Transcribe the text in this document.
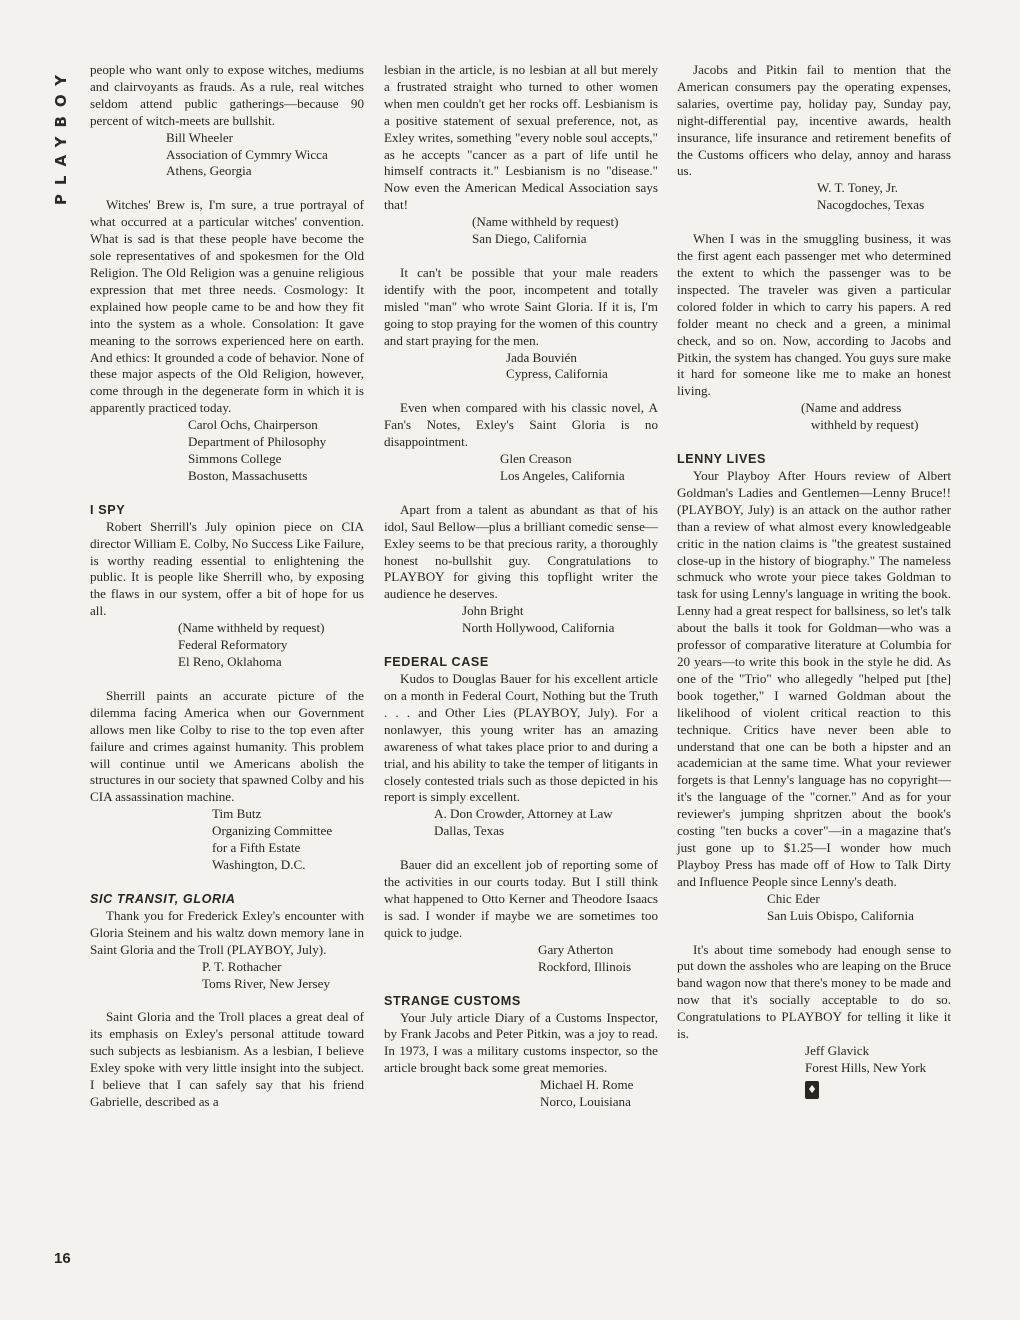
PLAYBOY	people who want only to expose witches, mediums and clairvoyants as frauds. As a rule, real witches seldom attend public gatherings—because 90 percent of witch-meets are bullshit.

Bill Wheeler
Association of Cymmry Wicca
Athens, Georgia

Witches' Brew is, I'm sure, a true portrayal of what occurred at a particular witches' convention. What is sad is that these people have become the sole representatives of and spokesmen for the Old Religion. The Old Religion was a genuine religious expression that met three needs. Cosmology: It explained how people came to be and how they fit into the system as a whole. Consolation: It gave meaning to the sorrows experienced here on earth. And ethics: It grounded a code of behavior. None of these major aspects of the Old Religion, however, come through in the degenerate form in which it is apparently practiced today.

Carol Ochs, Chairperson
Department of Philosophy
Simmons College
Boston, Massachusetts
I SPY

Robert Sherrill's July opinion piece on CIA director William E. Colby, No Success Like Failure, is worthy reading essential to enlightening the public. It is people like Sherrill who, by exposing the flaws in our system, offer a bit of hope for us all.

(Name withheld by request)
Federal Reformatory
El Reno, Oklahoma

Sherrill paints an accurate picture of the dilemma facing America when our Government allows men like Colby to rise to the top even after failure and crimes against humanity. This problem will continue until we Americans abolish the structures in our society that spawned Colby and his CIA assassination machine.

Tim Butz
Organizing Committee
for a Fifth Estate
Washington, D.C.
SIC TRANSIT, GLORIA

Thank you for Frederick Exley's encounter with Gloria Steinem and his waltz down memory lane in Saint Gloria and the Troll (PLAYBOY, July).

P. T. Rothacher
Toms River, New Jersey

Saint Gloria and the Troll places a great deal of its emphasis on Exley's personal attitude toward such subjects as lesbianism. As a lesbian, I believe Exley spoke with very little insight into the subject. I believe that I can safely say that his friend Gabrielle, described as a

lesbian in the article, is no lesbian at all but merely a frustrated straight who turned to other women when men couldn't get her rocks off. Lesbianism is a positive statement of sexual preference, not, as Exley writes, something "every noble soul accepts," as he accepts "cancer as a part of life until he himself contracts it." Lesbianism is no "disease." Now even the American Medical Association says that!

(Name withheld by request)
San Diego, California

It can't be possible that your male readers identify with the poor, incompetent and totally misled "man" who wrote Saint Gloria. If it is, I'm going to stop praying for the women of this country and start praying for the men.

Jada Bouvién
Cypress, California

Even when compared with his classic novel, A Fan's Notes, Exley's Saint Gloria is no disappointment.

Glen Creason
Los Angeles, California

Apart from a talent as abundant as that of his idol, Saul Bellow—plus a brilliant comedic sense—Exley seems to be that precious rarity, a thoroughly honest no-bullshit guy. Congratulations to PLAYBOY for giving this topflight writer the audience he deserves.

John Bright
North Hollywood, California
FEDERAL CASE

Kudos to Douglas Bauer for his excellent article on a month in Federal Court, Nothing but the Truth . . . and Other Lies (PLAYBOY, July). For a nonlawyer, this young writer has an amazing awareness of what takes place prior to and during a trial, and his ability to take the temper of litigants in closely contested trials such as those depicted in his report is simply excellent.

A. Don Crowder, Attorney at Law
Dallas, Texas

Bauer did an excellent job of reporting some of the activities in our courts today. But I still think what happened to Otto Kerner and Theodore Isaacs is sad. I wonder if maybe we are sometimes too quick to judge.

Gary Atherton
Rockford, Illinois
STRANGE CUSTOMS

Your July article Diary of a Customs Inspector, by Frank Jacobs and Peter Pitkin, was a joy to read. In 1973, I was a military customs inspector, so the article brought back some great memories.

Michael H. Rome
Norco, Louisiana

Jacobs and Pitkin fail to mention that the American consumers pay the operating expenses, salaries, overtime pay, holiday pay, Sunday pay, night-differential pay, incentive awards, health insurance, life insurance and retirement benefits of the Customs officers who delay, annoy and harass us.

W. T. Toney, Jr.
Nacogdoches, Texas

When I was in the smuggling business, it was the first agent each passenger met who determined the extent to which the passenger was to be inspected. The traveler was given a particular colored folder in which to carry his papers. A red folder meant no check and a green, a minimal check, and so on. Now, according to Jacobs and Pitkin, the system has changed. You guys sure make it hard for someone like me to make an honest living.

(Name and address
withheld by request)
LENNY LIVES

Your Playboy After Hours review of Albert Goldman's Ladies and Gentlemen—Lenny Bruce!! (PLAYBOY, July) is an attack on the author rather than a review of what almost every knowledgeable critic in the nation claims is "the greatest sustained close-up in the history of biography." The nameless schmuck who wrote your piece takes Goldman to task for using Lenny's language in writing the book. Lenny had a great respect for ballsiness, so let's talk about the balls it took for Goldman—who was a professor of comparative literature at Columbia for 20 years—to write this book in the style he did. As one of the "Trio" who allegedly "helped put [the] book together," I warned Goldman about the likelihood of violent critical reaction to this technique. Critics have never been able to understand that one can be both a hipster and an academician at the same time. What your reviewer forgets is that Lenny's language has no copyright—it's the language of the "corner." And as for your reviewer's jumping shpritzen about the book's costing "ten bucks a cover"—in a magazine that's just gone up to $1.25—I wonder how much Playboy Press has made off of How to Talk Dirty and Influence People since Lenny's death.

Chic Eder
San Luis Obispo, California

It's about time somebody had enough sense to put down the assholes who are leaping on the Bruce band wagon now that there's money to be made and now that it's socially acceptable to do so. Congratulations to PLAYBOY for telling it like it is.

Jeff Glavick
Forest Hills, New York
♦
16
